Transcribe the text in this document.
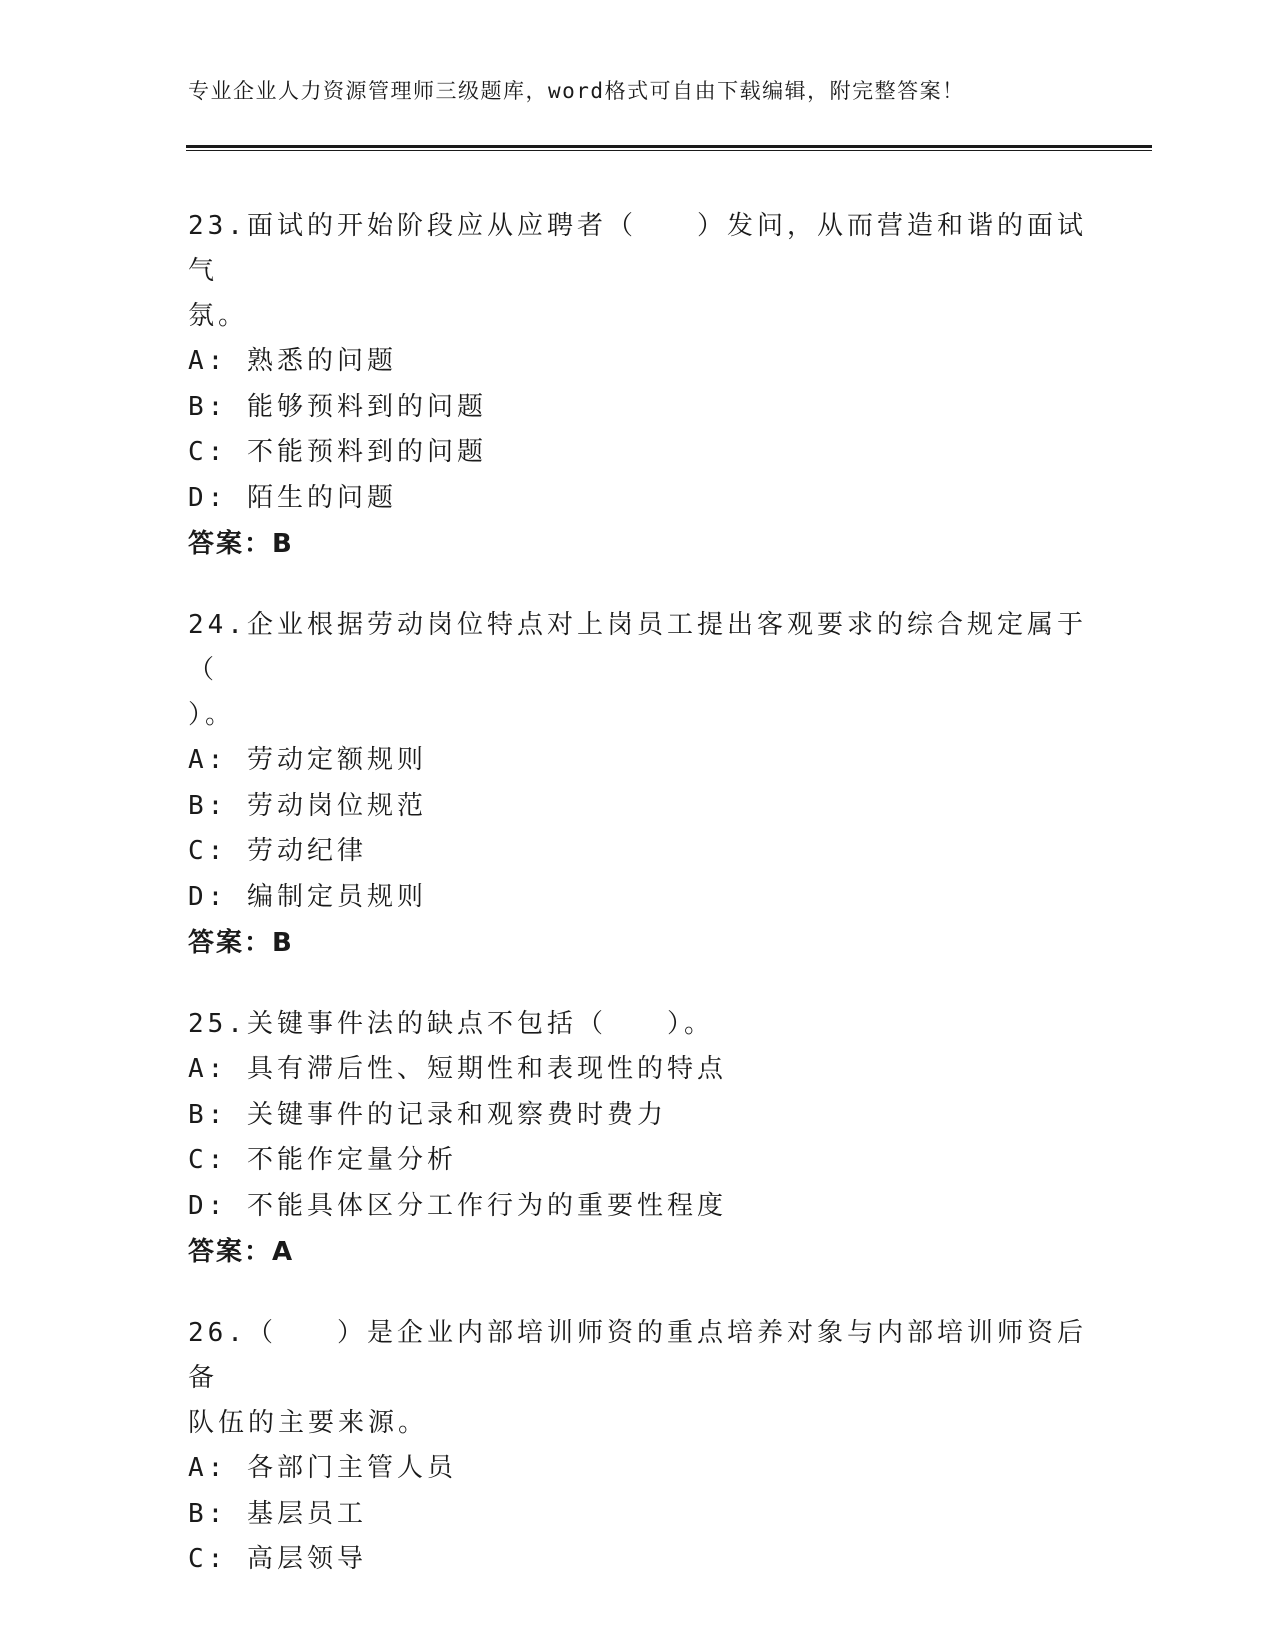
专业企业人力资源管理师三级题库，word格式可自由下载编辑，附完整答案！
23.面试的开始阶段应从应聘者（　　）发问，从而营造和谐的面试气
氛。
A: 熟悉的问题
B: 能够预料到的问题
C: 不能预料到的问题
D: 陌生的问题
答案：B
24.企业根据劳动岗位特点对上岗员工提出客观要求的综合规定属于（
）。
A: 劳动定额规则
B: 劳动岗位规范
C: 劳动纪律
D: 编制定员规则
答案：B
25.关键事件法的缺点不包括（　　）。
A: 具有滞后性、短期性和表现性的特点
B: 关键事件的记录和观察费时费力
C: 不能作定量分析
D: 不能具体区分工作行为的重要性程度
答案：A
26.（　　）是企业内部培训师资的重点培养对象与内部培训师资后备
队伍的主要来源。
A: 各部门主管人员
B: 基层员工
C: 高层领导
